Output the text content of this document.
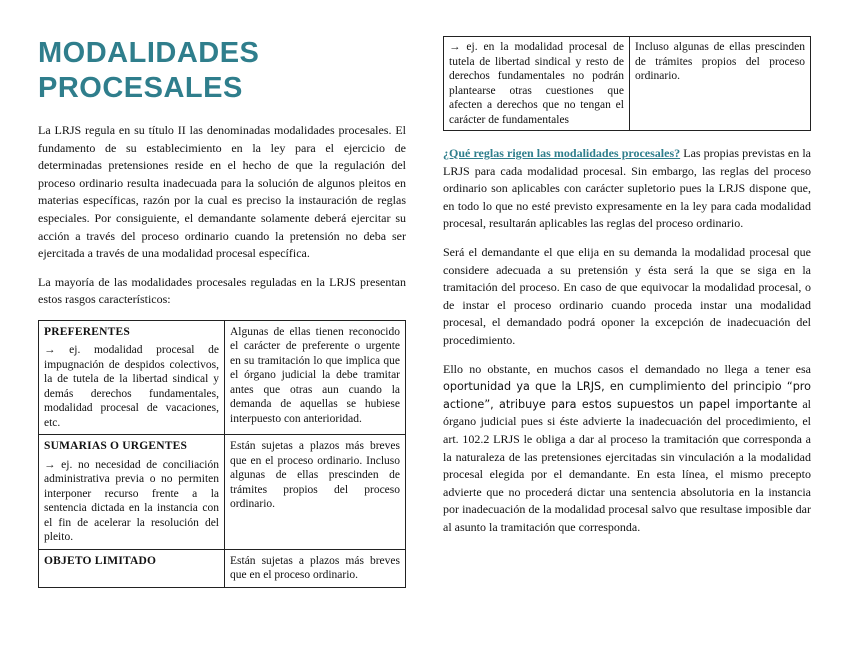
MODALIDADES PROCESALES

La LRJS regula en su título II las denominadas modalidades procesales. El fundamento de su establecimiento en la ley para el ejercicio de determinadas pretensiones reside en el hecho de que la regulación del proceso ordinario resulta inadecuada para la solución de algunos pleitos en materias específicas, razón por la cual es preciso la instauración de reglas especiales. Por consiguiente, el demandante solamente deberá ejercitar su acción a través del proceso ordinario cuando la pretensión no deba ser ejercitada a través de una modalidad procesal específica.

La mayoría de las modalidades procesales reguladas en la LRJS presentan estos rasgos característicos:

PREFERENTES
→ ej. modalidad procesal de impugnación de despidos colectivos, la de tutela de la libertad sindical y demás derechos fundamentales, modalidad procesal de vacaciones, etc.	Algunas de ellas tienen reconocido el carácter de preferente o urgente en su tramitación lo que implica que el órgano judicial la debe tramitar antes que otras aun cuando la demanda de aquellas se hubiese interpuesto con anterioridad.

SUMARIAS O URGENTES
→ ej. no necesidad de conciliación administrativa previa o no permiten interponer recurso frente a la sentencia dictada en la instancia con el fin de acelerar la resolución del pleito.	Están sujetas a plazos más breves que en el proceso ordinario. Incluso algunas de ellas prescinden de trámites propios del proceso ordinario.

OBJETO LIMITADO	Están sujetas a plazos más breves que en el proceso ordinario.
→ ej. en la modalidad procesal de tutela de libertad sindical y resto de derechos fundamentales no podrán plantearse otras cuestiones que afecten a derechos que no tengan el carácter de fundamentales	Incluso algunas de ellas prescinden de trámites propios del proceso ordinario.

¿Qué reglas rigen las modalidades procesales? Las propias previstas en la LRJS para cada modalidad procesal. Sin embargo, las reglas del proceso ordinario son aplicables con carácter supletorio pues la LRJS dispone que, en todo lo que no esté previsto expresamente en la ley para cada modalidad procesal, resultarán aplicables las reglas del proceso ordinario.

Será el demandante el que elija en su demanda la modalidad procesal que considere adecuada a su pretensión y ésta será la que se siga en la tramitación del proceso. En caso de que equivocar la modalidad procesal, o de instar el proceso ordinario cuando proceda instar una modalidad procesal, el demandado podrá oponer la excepción de inadecuación del procedimiento.

Ello no obstante, en muchos casos el demandado no llega a tener esa oportunidad ya que la LRJS, en cumplimiento del principio “pro actione”, atribuye para estos supuestos un papel importante al órgano judicial pues si éste advierte la inadecuación del procedimiento, el art. 102.2 LRJS le obliga a dar al proceso la tramitación que corresponda a la naturaleza de las pretensiones ejercitadas sin vinculación a la modalidad procesal elegida por el demandante. En esta línea, el mismo precepto advierte que no procederá dictar una sentencia absolutoria en la instancia por inadecuación de la modalidad procesal salvo que resultase imposible dar al asunto la tramitación que corresponda.
